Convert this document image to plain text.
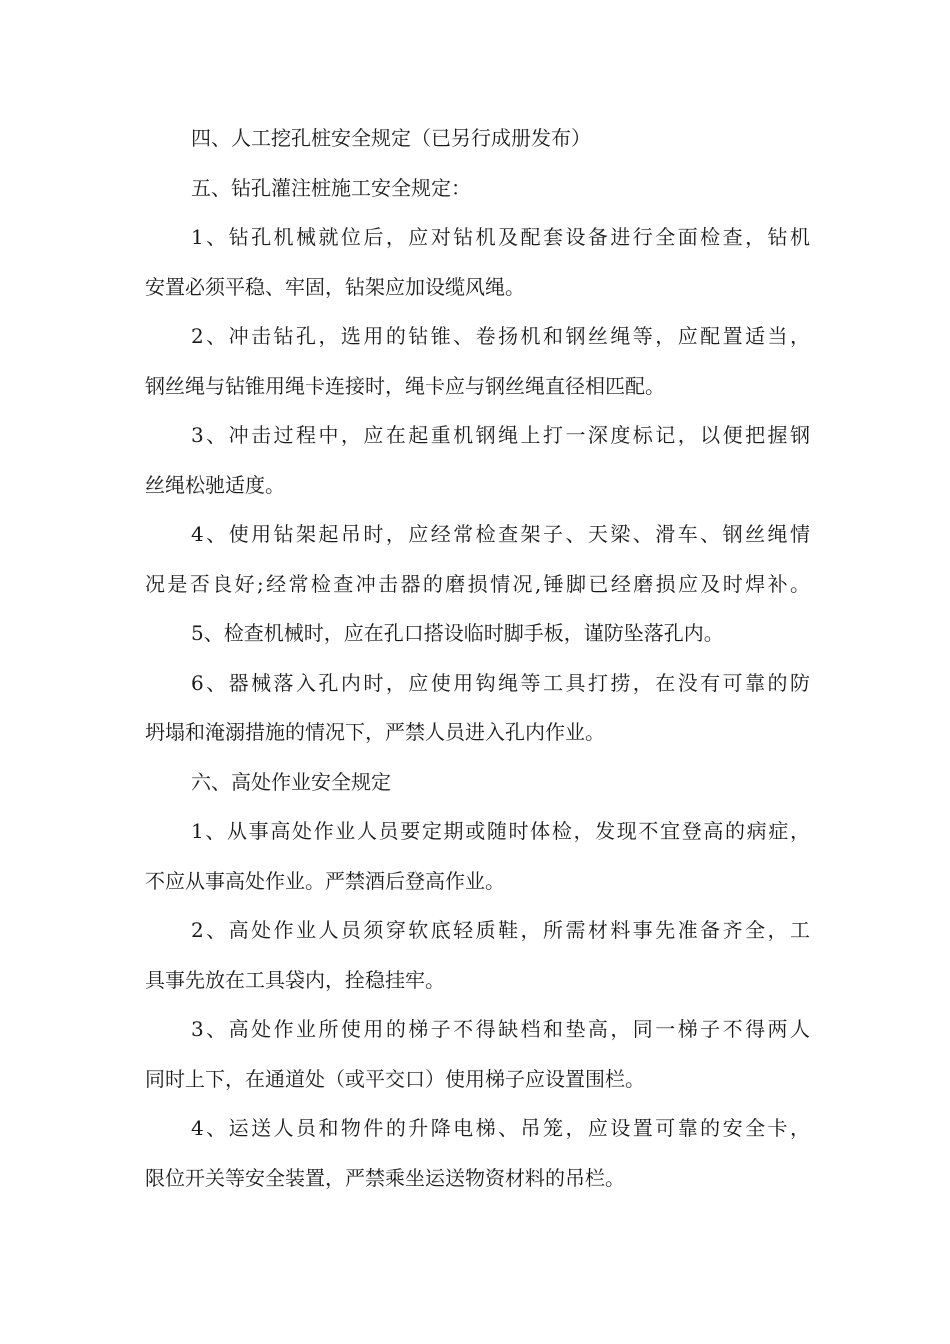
四、人工挖孔桩安全规定（已另行成册发布）
五、钻孔灌注桩施工安全规定：
1、钻孔机械就位后，应对钻机及配套设备进行全面检查，钻机
安置必须平稳、牢固，钻架应加设缆风绳。
2、冲击钻孔，选用的钻锥、卷扬机和钢丝绳等，应配置适当，
钢丝绳与钻锥用绳卡连接时，绳卡应与钢丝绳直径相匹配。
3、冲击过程中，应在起重机钢绳上打一深度标记，以便把握钢
丝绳松驰适度。
4、使用钻架起吊时，应经常检查架子、天梁、滑车、钢丝绳情
况是否良好;经常检查冲击器的磨损情况,锤脚已经磨损应及时焊补。
5、检查机械时，应在孔口搭设临时脚手板，谨防坠落孔内。
6、器械落入孔内时，应使用钩绳等工具打捞，在没有可靠的防
坍塌和淹溺措施的情况下，严禁人员进入孔内作业。
六、高处作业安全规定
1、从事高处作业人员要定期或随时体检，发现不宜登高的病症，
不应从事高处作业。严禁酒后登高作业。
2、高处作业人员须穿软底轻质鞋，所需材料事先准备齐全，工
具事先放在工具袋内，拴稳挂牢。
3、高处作业所使用的梯子不得缺档和垫高，同一梯子不得两人
同时上下，在通道处（或平交口）使用梯子应设置围栏。
4、运送人员和物件的升降电梯、吊笼，应设置可靠的安全卡，
限位开关等安全装置，严禁乘坐运送物资材料的吊栏。
